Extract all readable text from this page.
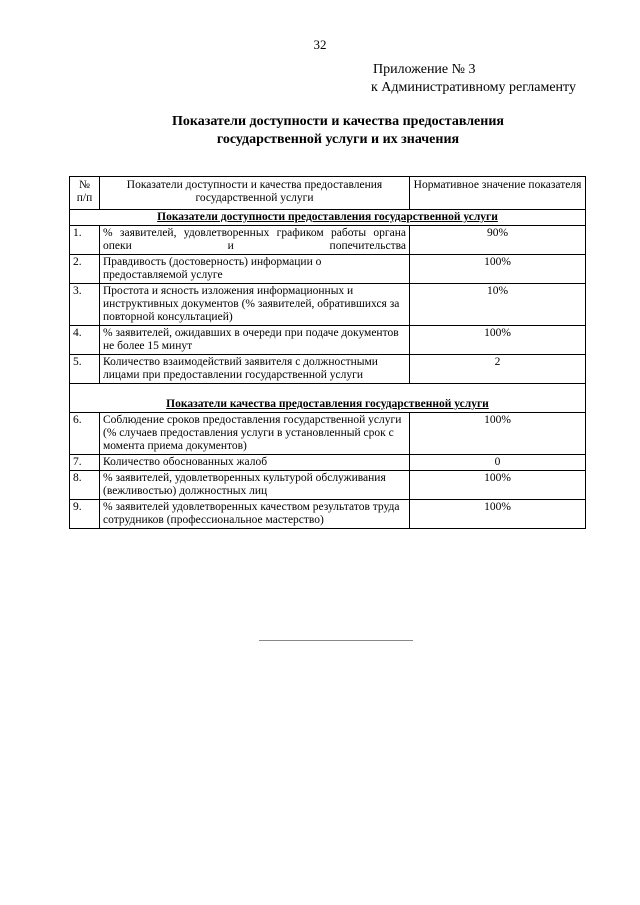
32
Приложение № 3
к Административному регламенту
Показатели доступности и качества предоставления
государственной услуги и их значения
№ п/п	Показатели доступности и качества предоставления государственной услуги	Нормативное значение показателя
Показатели доступности предоставления государственной услуги		
1.	% заявителей, удовлетворенных графиком работы органа опеки и попечительства	90%
2.	Правдивость (достоверность) информации о предоставляемой услуге	100%
3.	Простота и ясность изложения информационных и инструктивных документов (% заявителей, обратившихся за повторной консультацией)	10%
4.	% заявителей, ожидавших в очереди при подаче документов не более 15 минут	100%
5.	Количество взаимодействий заявителя с должностными лицами при предоставлении государственной услуги	2
Показатели качества предоставления государственной услуги		
6.	Соблюдение сроков предоставления государственной услуги (% случаев предоставления услуги в установленный срок с момента приема документов)	100%
7.	Количество обоснованных жалоб	0
8.	% заявителей, удовлетворенных культурой обслуживания (вежливостью) должностных лиц	100%
9.	% заявителей удовлетворенных качеством результатов труда сотрудников (профессиональное мастерство)	100%
